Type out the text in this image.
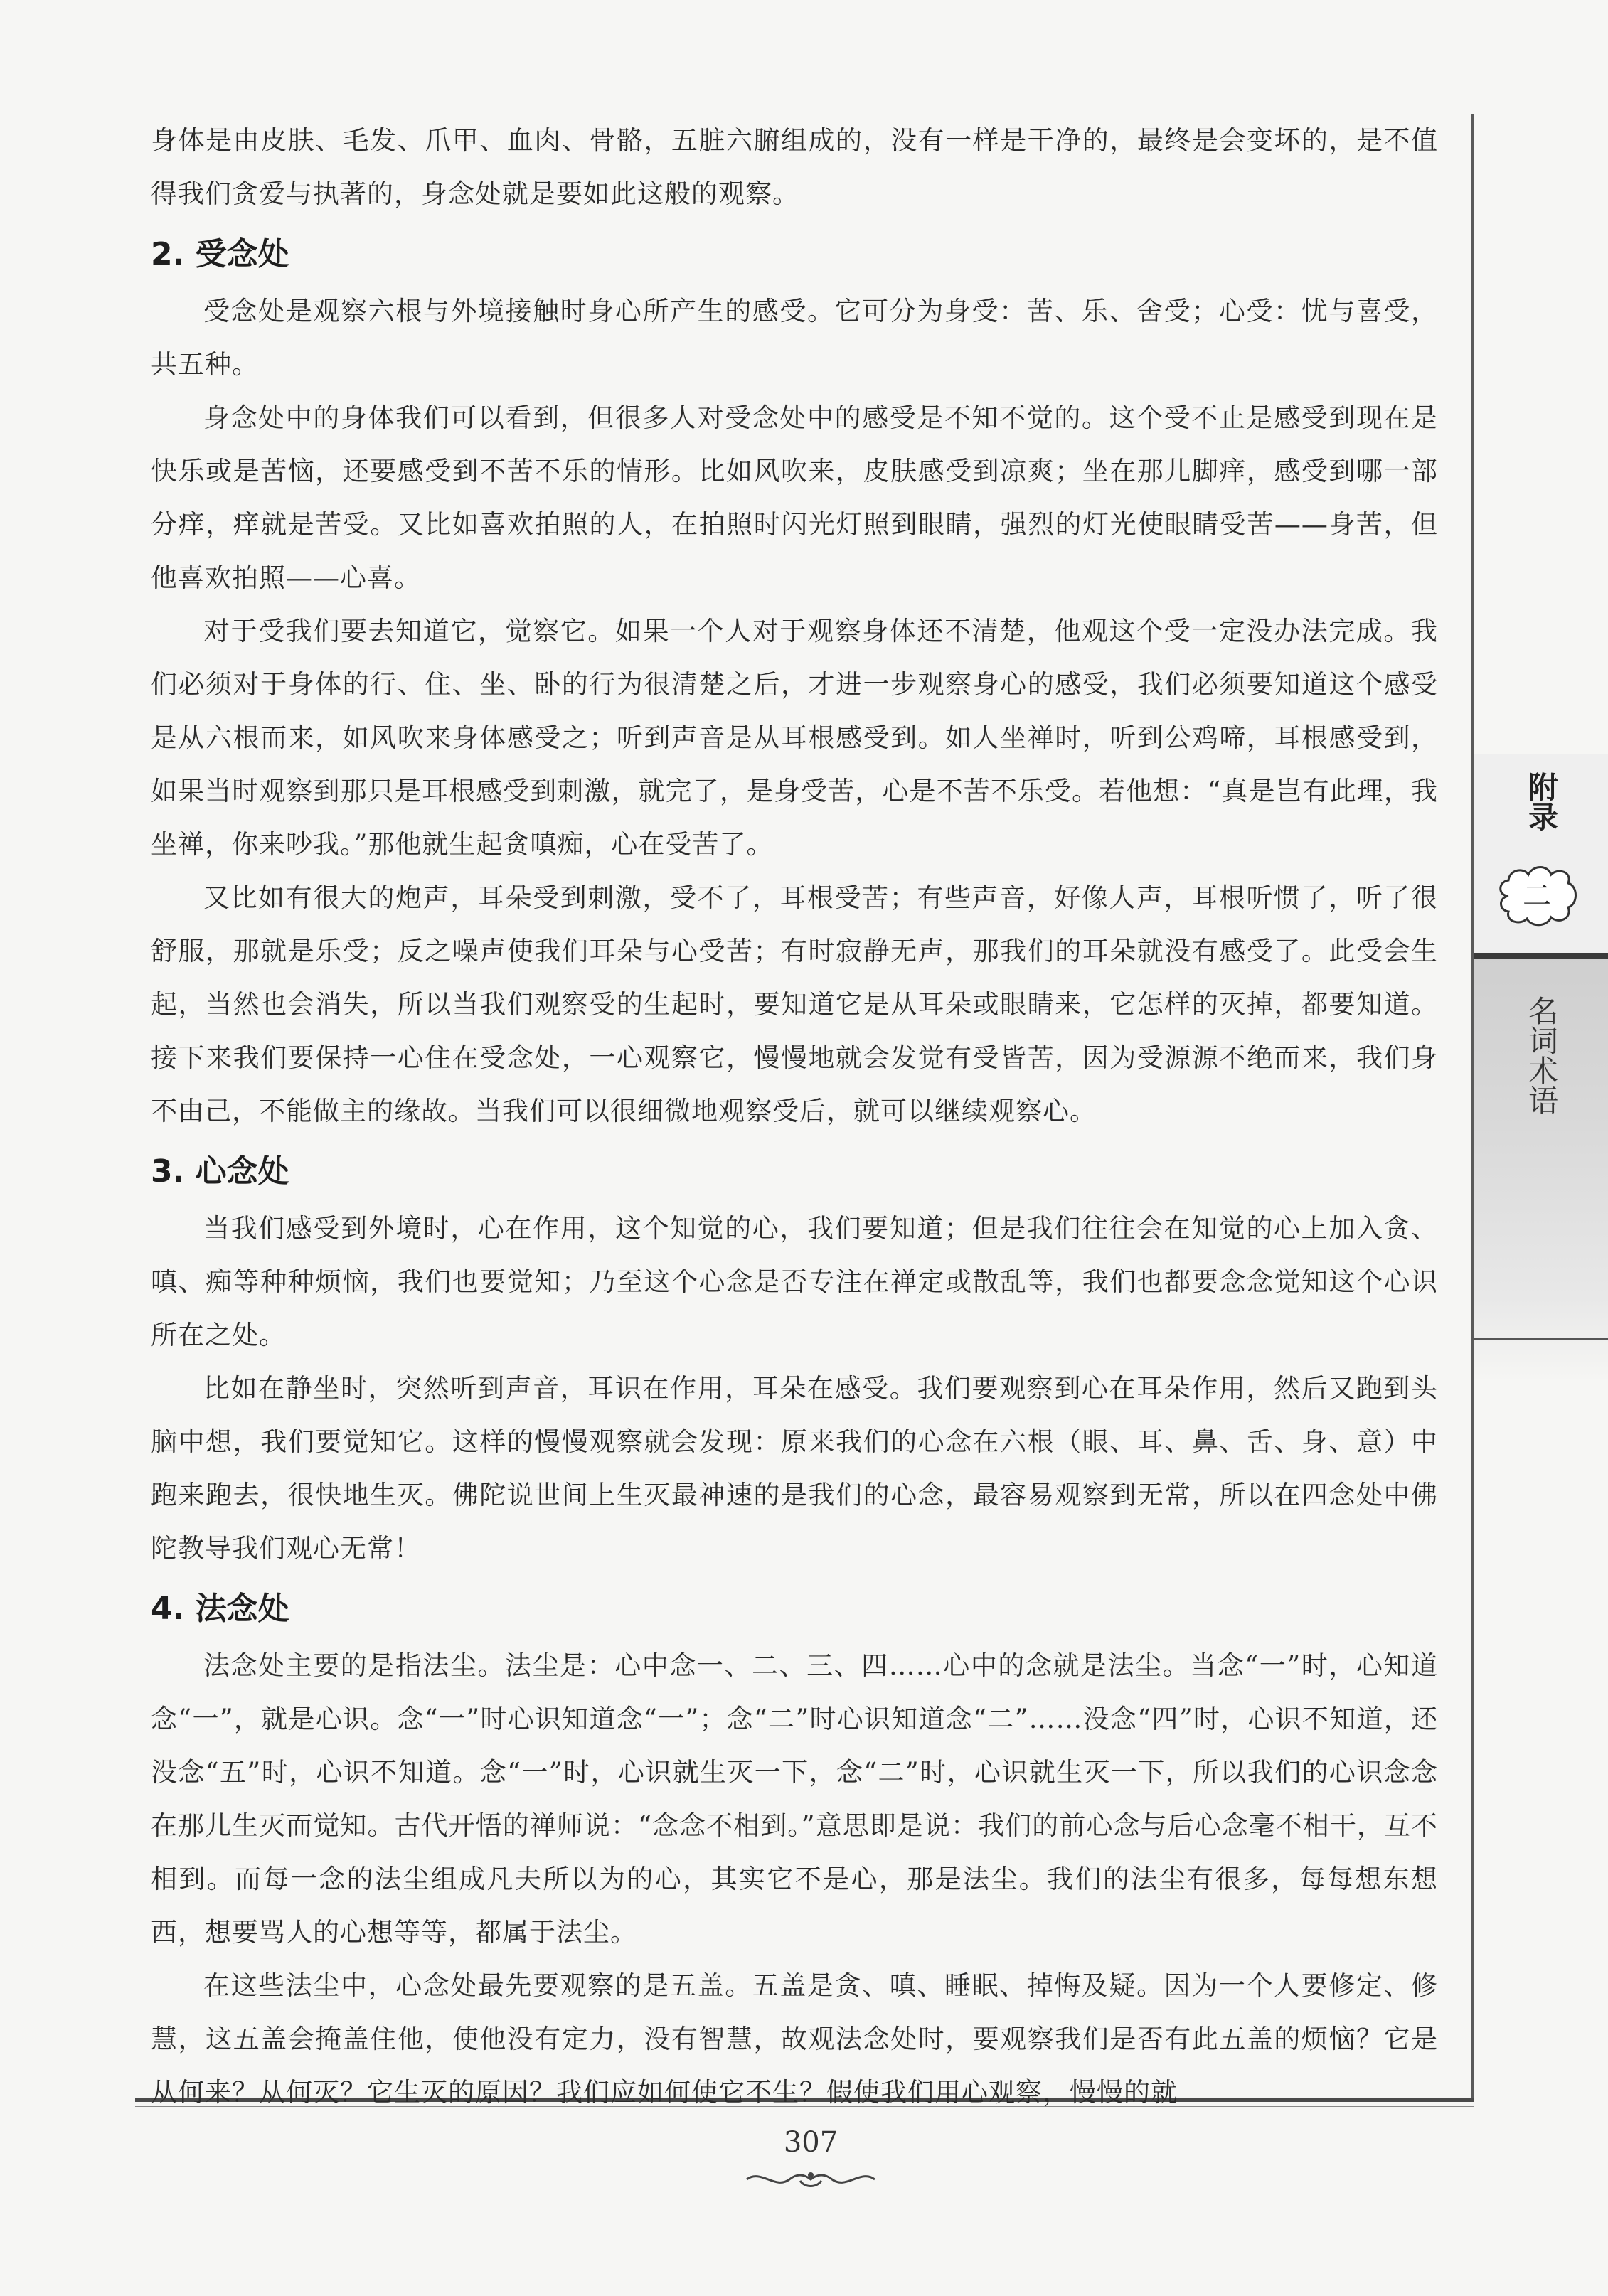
身体是由皮肤、毛发、爪甲、血肉、骨骼，五脏六腑组成的，没有一样是干净的，最终是会变坏的，是不值得我们贪爱与执著的，身念处就是要如此这般的观察。

2. 受念处

受念处是观察六根与外境接触时身心所产生的感受。它可分为身受：苦、乐、舍受；心受：忧与喜受，共五种。

身念处中的身体我们可以看到，但很多人对受念处中的感受是不知不觉的。这个受不止是感受到现在是快乐或是苦恼，还要感受到不苦不乐的情形。比如风吹来，皮肤感受到凉爽；坐在那儿脚痒，感受到哪一部分痒，痒就是苦受。又比如喜欢拍照的人，在拍照时闪光灯照到眼睛，强烈的灯光使眼睛受苦——身苦，但他喜欢拍照——心喜。

对于受我们要去知道它，觉察它。如果一个人对于观察身体还不清楚，他观这个受一定没办法完成。我们必须对于身体的行、住、坐、卧的行为很清楚之后，才进一步观察身心的感受，我们必须要知道这个感受是从六根而来，如风吹来身体感受之；听到声音是从耳根感受到。如人坐禅时，听到公鸡啼，耳根感受到，如果当时观察到那只是耳根感受到刺激，就完了，是身受苦，心是不苦不乐受。若他想：“真是岂有此理，我坐禅，你来吵我。”那他就生起贪嗔痴，心在受苦了。

又比如有很大的炮声，耳朵受到刺激，受不了，耳根受苦；有些声音，好像人声，耳根听惯了，听了很舒服，那就是乐受；反之噪声使我们耳朵与心受苦；有时寂静无声，那我们的耳朵就没有感受了。此受会生起，当然也会消失，所以当我们观察受的生起时，要知道它是从耳朵或眼睛来，它怎样的灭掉，都要知道。接下来我们要保持一心住在受念处，一心观察它，慢慢地就会发觉有受皆苦，因为受源源不绝而来，我们身不由己，不能做主的缘故。当我们可以很细微地观察受后，就可以继续观察心。

3. 心念处

当我们感受到外境时，心在作用，这个知觉的心，我们要知道；但是我们往往会在知觉的心上加入贪、嗔、痴等种种烦恼，我们也要觉知；乃至这个心念是否专注在禅定或散乱等，我们也都要念念觉知这个心识所在之处。

比如在静坐时，突然听到声音，耳识在作用，耳朵在感受。我们要观察到心在耳朵作用，然后又跑到头脑中想，我们要觉知它。这样的慢慢观察就会发现：原来我们的心念在六根（眼、耳、鼻、舌、身、意）中跑来跑去，很快地生灭。佛陀说世间上生灭最神速的是我们的心念，最容易观察到无常，所以在四念处中佛陀教导我们观心无常！

4. 法念处

法念处主要的是指法尘。法尘是：心中念一、二、三、四……心中的念就是法尘。当念“一”时，心知道念“一”，就是心识。念“一”时心识知道念“一”；念“二”时心识知道念“二”……没念“四”时，心识不知道，还没念“五”时，心识不知道。念“一”时，心识就生灭一下，念“二”时，心识就生灭一下，所以我们的心识念念在那儿生灭而觉知。古代开悟的禅师说：“念念不相到。”意思即是说：我们的前心念与后心念毫不相干，互不相到。而每一念的法尘组成凡夫所以为的心，其实它不是心，那是法尘。我们的法尘有很多，每每想东想西，想要骂人的心想等等，都属于法尘。

在这些法尘中，心念处最先要观察的是五盖。五盖是贪、嗔、睡眠、掉悔及疑。因为一个人要修定、修慧，这五盖会掩盖住他，使他没有定力，没有智慧，故观法念处时，要观察我们是否有此五盖的烦恼？它是从何来？从何灭？它生灭的原因？我们应如何使它不生？假使我们用心观察，慢慢的就

附录
二
名词术语
307
